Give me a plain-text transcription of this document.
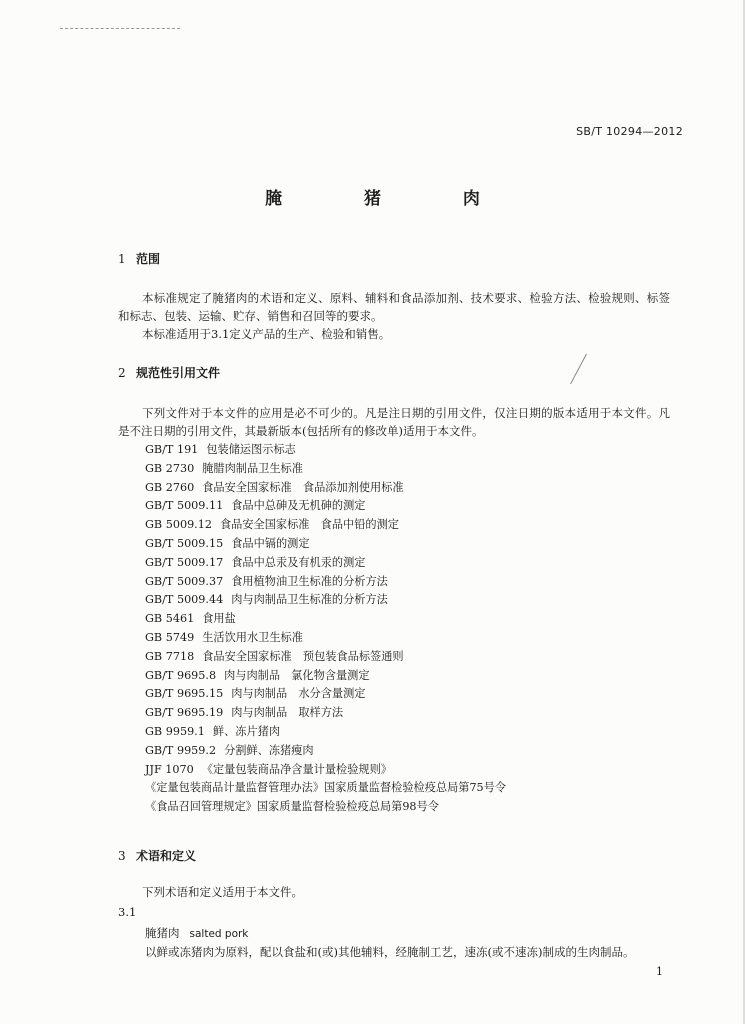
SB/T 10294—2012
腌 猪 肉
1 范围
本标准规定了腌猪肉的术语和定义、原料、辅料和食品添加剂、技术要求、检验方法、检验规则、标签和标志、包装、运输、贮存、销售和召回等的要求。
本标准适用于3.1定义产品的生产、检验和销售。
2 规范性引用文件
下列文件对于本文件的应用是必不可少的。凡是注日期的引用文件，仅注日期的版本适用于本文件。凡是不注日期的引用文件，其最新版本(包括所有的修改单)适用于本文件。
GB/T 191 包装储运图示标志
GB 2730 腌腊肉制品卫生标准
GB 2760 食品安全国家标准　食品添加剂使用标准
GB/T 5009.11 食品中总砷及无机砷的测定
GB 5009.12 食品安全国家标准　食品中铅的测定
GB/T 5009.15 食品中镉的测定
GB/T 5009.17 食品中总汞及有机汞的测定
GB/T 5009.37 食用植物油卫生标准的分析方法
GB/T 5009.44 肉与肉制品卫生标准的分析方法
GB 5461 食用盐
GB 5749 生活饮用水卫生标准
GB 7718 食品安全国家标准　预包装食品标签通则
GB/T 9695.8 肉与肉制品　氯化物含量测定
GB/T 9695.15 肉与肉制品　水分含量测定
GB/T 9695.19 肉与肉制品　取样方法
GB 9959.1 鲜、冻片猪肉
GB/T 9959.2 分割鲜、冻猪瘦肉
JJF 1070 《定量包装商品净含量计量检验规则》
《定量包装商品计量监督管理办法》国家质量监督检验检疫总局第75号令
《食品召回管理规定》国家质量监督检验检疫总局第98号令
3 术语和定义
下列术语和定义适用于本文件。
3.1
腌猪肉 salted pork
以鲜或冻猪肉为原料，配以食盐和(或)其他辅料，经腌制工艺，速冻(或不速冻)制成的生肉制品。
1
